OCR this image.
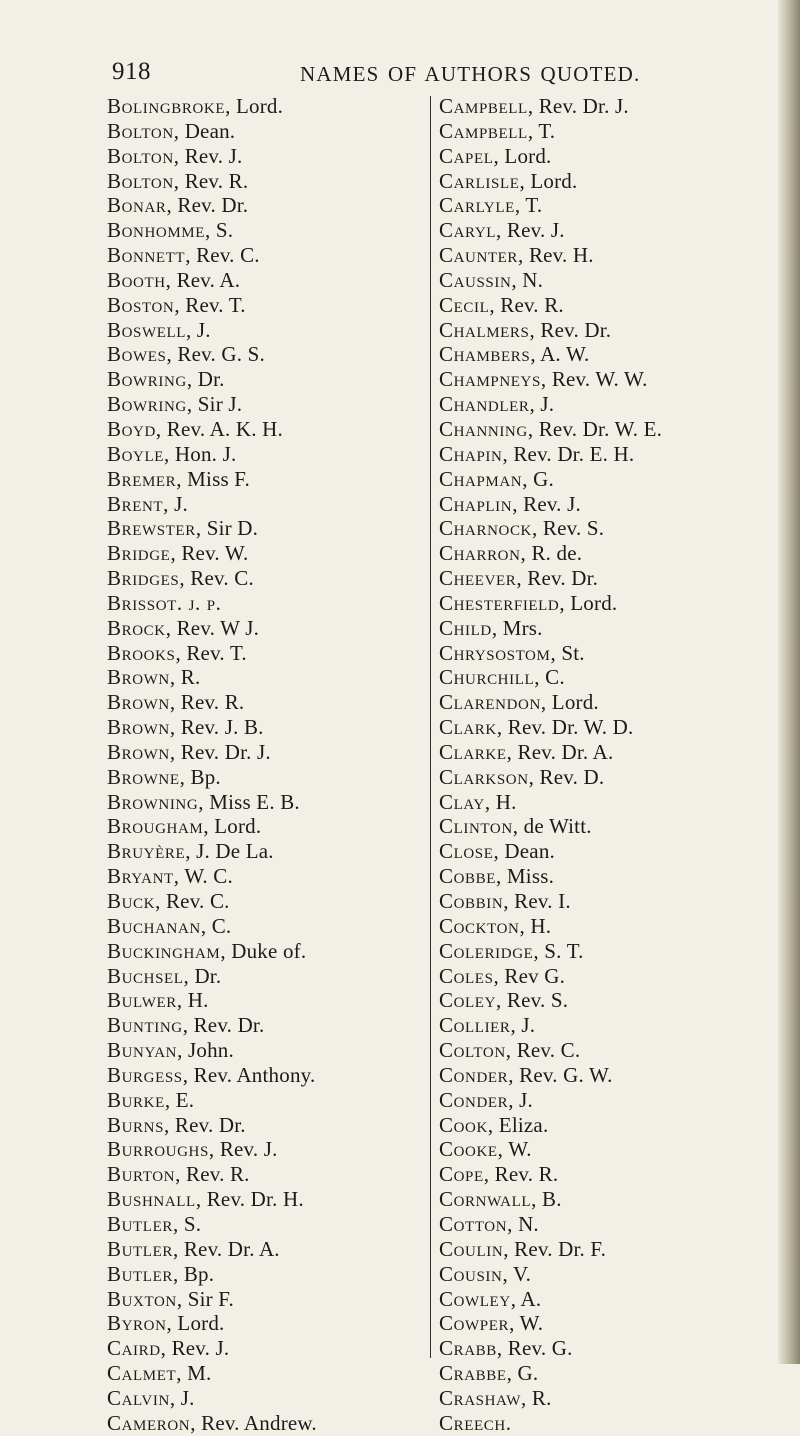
918	NAMES OF AUTHORS QUOTED.
Bolingbroke, Lord.
Bolton, Dean.
Bolton, Rev. J.
Bolton, Rev. R.
Bonar, Rev. Dr.
Bonhomme, S.
Bonnett, Rev. C.
Booth, Rev. A.
Boston, Rev. T.
Boswell, J.
Bowes, Rev. G. S.
Bowring, Dr.
Bowring, Sir J.
Boyd, Rev. A. K. H.
Boyle, Hon. J.
Bremer, Miss F.
Brent, J.
Brewster, Sir D.
Bridge, Rev. W.
Bridges, Rev. C.
Brissot. j. p.
Brock, Rev. W J.
Brooks, Rev. T.
Brown, R.
Brown, Rev. R.
Brown, Rev. J. B.
Brown, Rev. Dr. J.
Browne, Bp.
Browning, Miss E. B.
Brougham, Lord.
Bruyère, J. De La.
Bryant, W. C.
Buck, Rev. C.
Buchanan, C.
Buckingham, Duke of.
Buchsel, Dr.
Bulwer, H.
Bunting, Rev. Dr.
Bunyan, John.
Burgess, Rev. Anthony.
Burke, E.
Burns, Rev. Dr.
Burroughs, Rev. J.
Burton, Rev. R.
Bushnall, Rev. Dr. H.
Butler, S.
Butler, Rev. Dr. A.
Butler, Bp.
Buxton, Sir F.
Byron, Lord.
Caird, Rev. J.
Calmet, M.
Calvin, J.
Cameron, Rev. Andrew.
Campbell, Rev. Dr. J.
Campbell, T.
Capel, Lord.
Carlisle, Lord.
Carlyle, T.
Caryl, Rev. J.
Caunter, Rev. H.
Caussin, N.
Cecil, Rev. R.
Chalmers, Rev. Dr.
Chambers, A. W.
Champneys, Rev. W. W.
Chandler, J.
Channing, Rev. Dr. W. E.
Chapin, Rev. Dr. E. H.
Chapman, G.
Chaplin, Rev. J.
Charnock, Rev. S.
Charron, R. de.
Cheever, Rev. Dr.
Chesterfield, Lord.
Child, Mrs.
Chrysostom, St.
Churchill, C.
Clarendon, Lord.
Clark, Rev. Dr. W. D.
Clarke, Rev. Dr. A.
Clarkson, Rev. D.
Clay, H.
Clinton, de Witt.
Close, Dean.
Cobbe, Miss.
Cobbin, Rev. I.
Cockton, H.
Coleridge, S. T.
Coles, Rev G.
Coley, Rev. S.
Collier, J.
Colton, Rev. C.
Conder, Rev. G. W.
Conder, J.
Cook, Eliza.
Cooke, W.
Cope, Rev. R.
Cornwall, B.
Cotton, N.
Coulin, Rev. Dr. F.
Cousin, V.
Cowley, A.
Cowper, W.
Crabb, Rev. G.
Crabbe, G.
Crashaw, R.
Creech.
